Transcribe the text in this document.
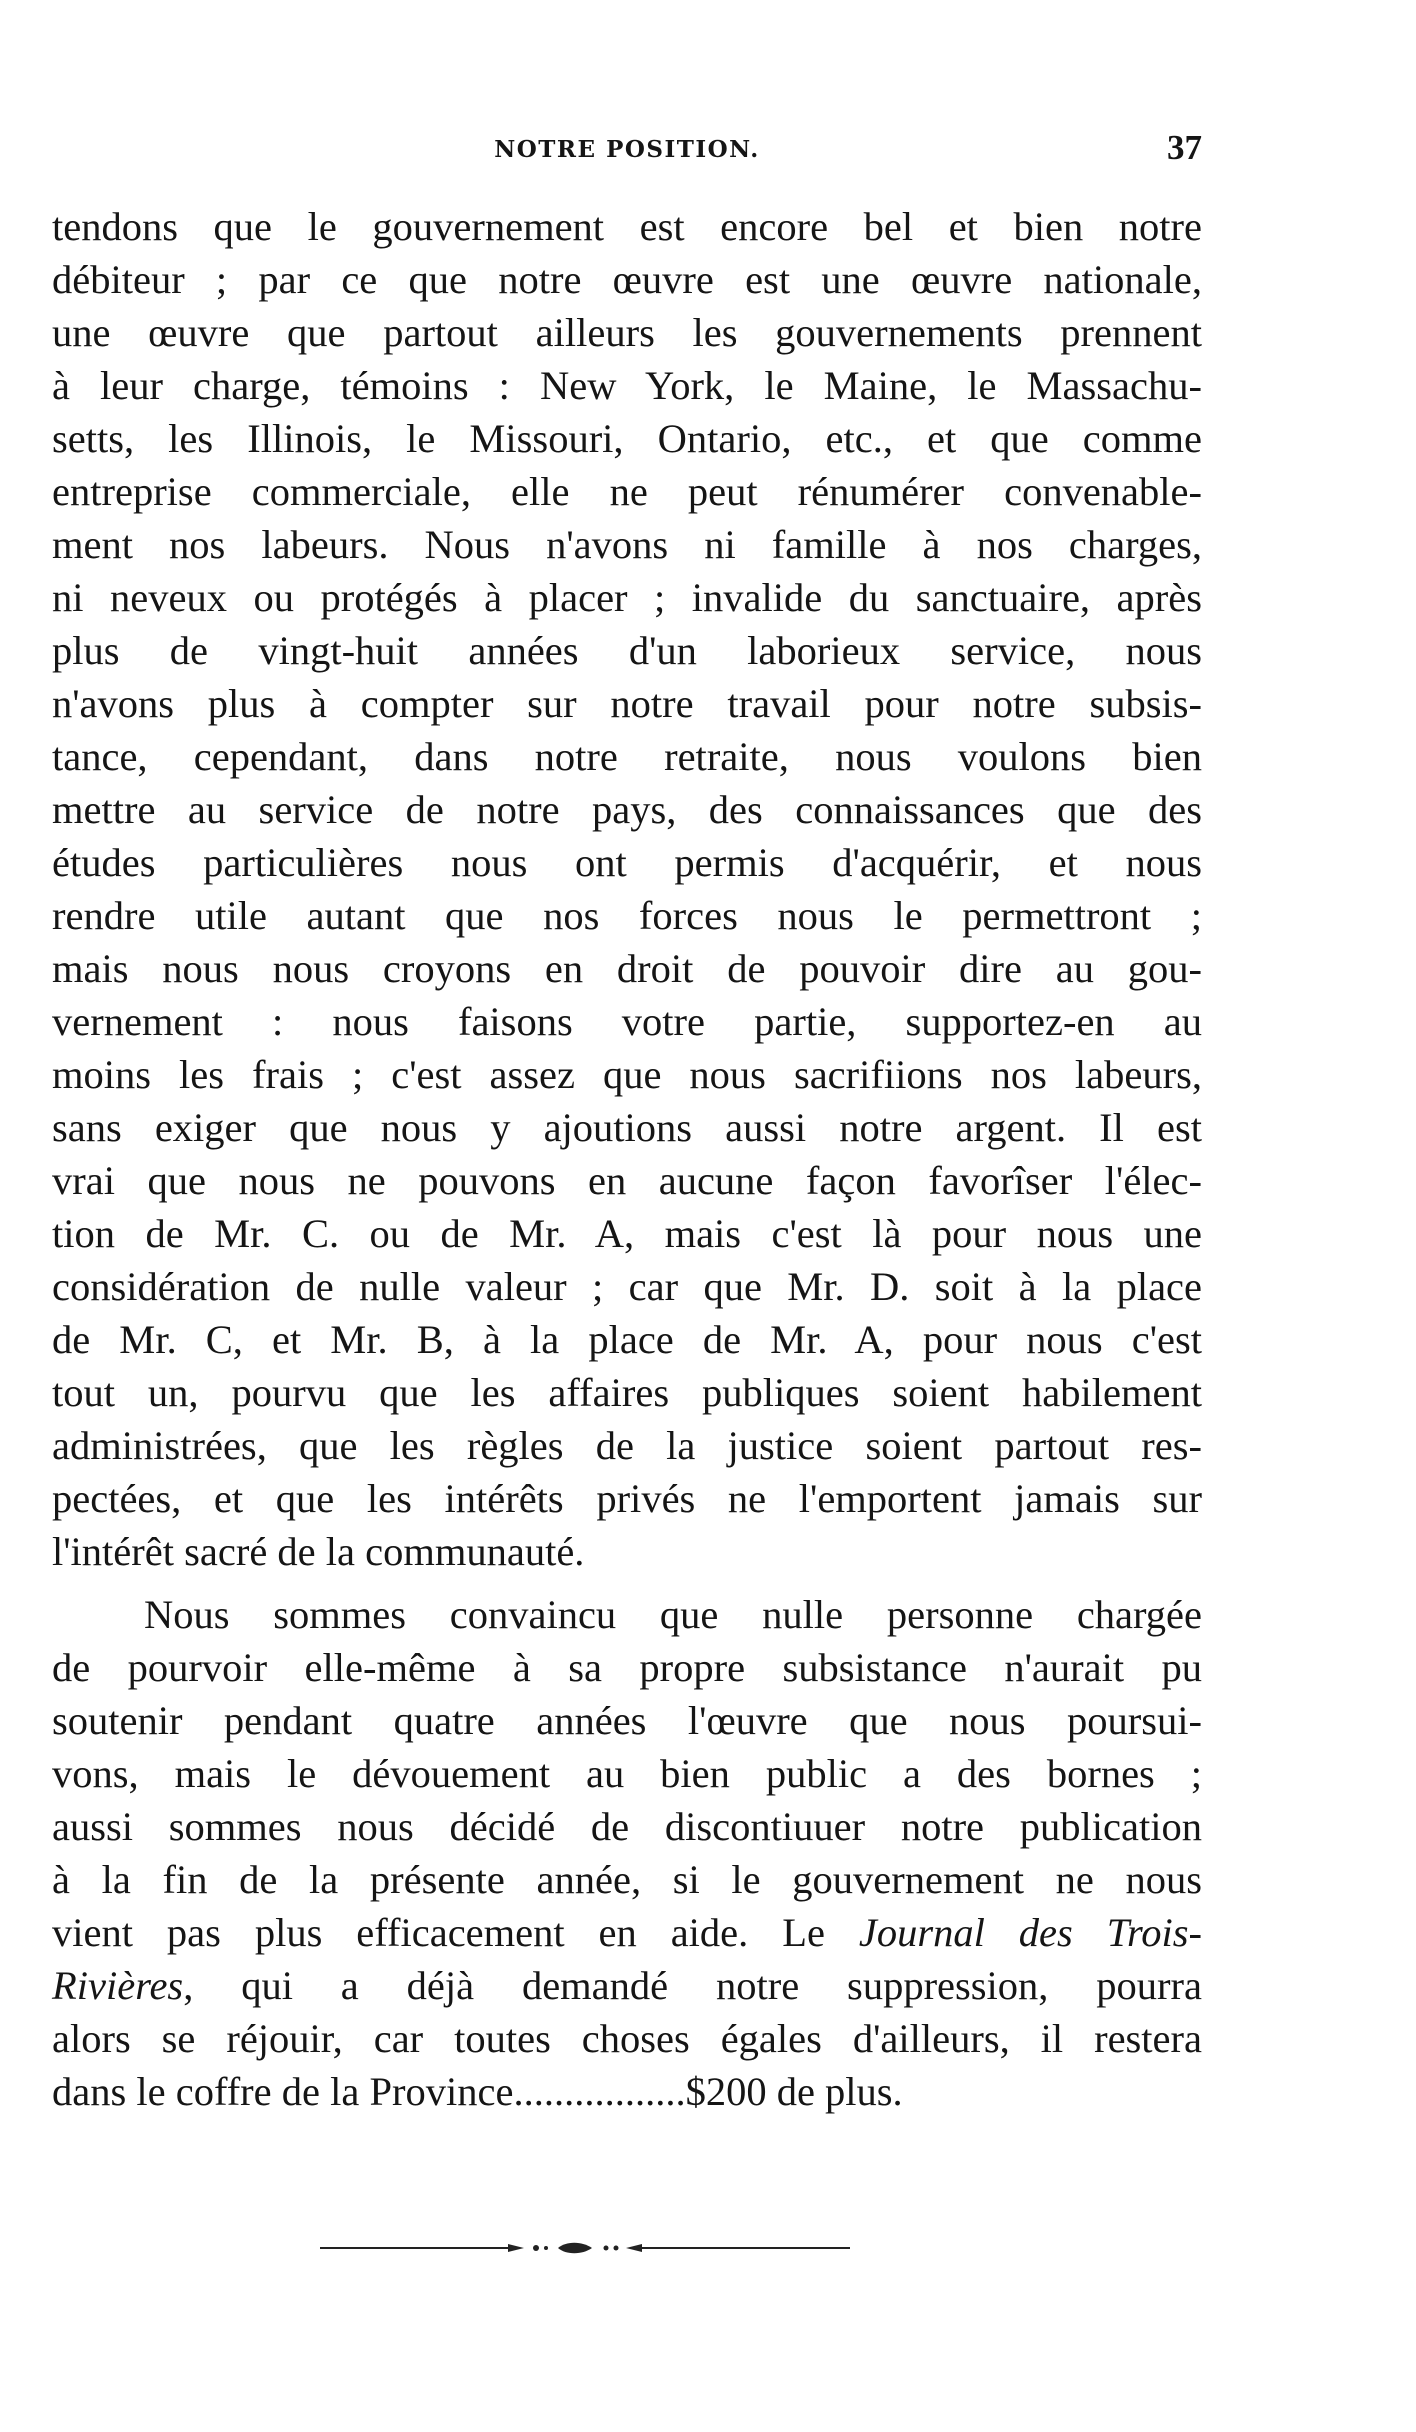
NOTRE POSITION.	37
tendons que le gouvernement est encore bel et bien notre
débiteur ; par ce que notre œuvre est une œuvre nationale,
une œuvre que partout ailleurs les gouvernements prennent
à leur charge, témoins : New York, le Maine, le Massachu-
setts, les Illinois, le Missouri, Ontario, etc., et que comme
entreprise commerciale, elle ne peut rénumérer convenable-
ment nos labeurs. Nous n'avons ni famille à nos charges,
ni neveux ou protégés à placer ; invalide du sanctuaire, après
plus de vingt-huit années d'un laborieux service, nous
n'avons plus à compter sur notre travail pour notre subsis-
tance, cependant, dans notre retraite, nous voulons bien
mettre au service de notre pays, des connaissances que des
études particulières nous ont permis d'acquérir, et nous
rendre utile autant que nos forces nous le permettront ;
mais nous nous croyons en droit de pouvoir dire au gou-
vernement : nous faisons votre partie, supportez-en au
moins les frais ; c'est assez que nous sacrifiions nos labeurs,
sans exiger que nous y ajoutions aussi notre argent. Il est
vrai que nous ne pouvons en aucune façon favorîser l'élec-
tion de Mr. C. ou de Mr. A, mais c'est là pour nous une
considération de nulle valeur ; car que Mr. D. soit à la place
de Mr. C, et Mr. B, à la place de Mr. A, pour nous c'est
tout un, pourvu que les affaires publiques soient habilement
administrées, que les règles de la justice soient partout res-
pectées, et que les intérêts privés ne l'emportent jamais sur
l'intérêt sacré de la communauté.
Nous sommes convaincu que nulle personne chargée
de pourvoir elle-même à sa propre subsistance n'aurait pu
soutenir pendant quatre années l'œuvre que nous poursui-
vons, mais le dévouement au bien public a des bornes ;
aussi sommes nous décidé de discontiuuer notre publication
à la fin de la présente année, si le gouvernement ne nous
vient pas plus efficacement en aide. Le Journal des Trois-
Rivières, qui a déjà demandé notre suppression, pourra
alors se réjouir, car toutes choses égales d'ailleurs, il restera
dans le coffre de la Province.................$200 de plus.
